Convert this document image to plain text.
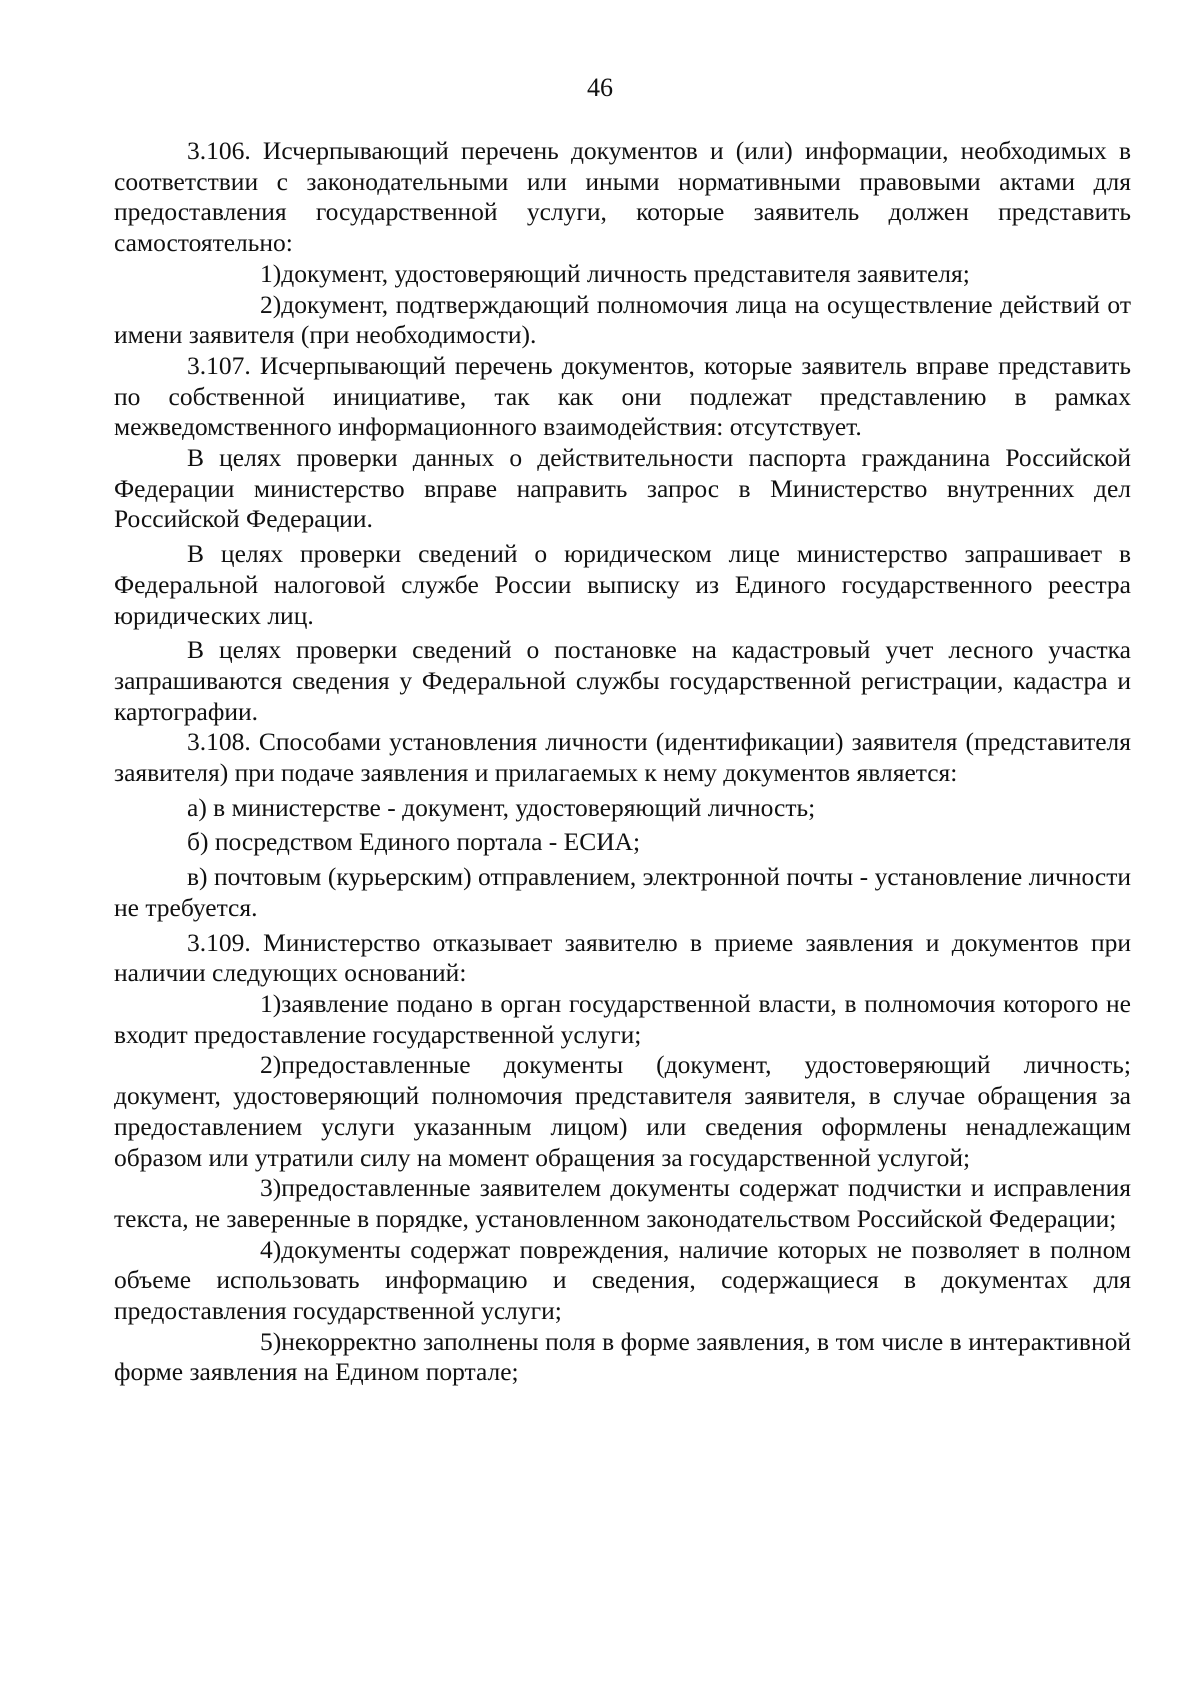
46

3.106. Исчерпывающий перечень документов и (или) информации, необходимых в соответствии с законодательными или иными нормативными правовыми актами для предоставления государственной услуги, которые заявитель должен представить самостоятельно:

1)документ, удостоверяющий личность представителя заявителя;

2)документ, подтверждающий полномочия лица на осуществление действий от имени заявителя (при необходимости).

3.107. Исчерпывающий перечень документов, которые заявитель вправе представить по собственной инициативе, так как они подлежат представлению в рамках межведомственного информационного взаимодействия: отсутствует.

В целях проверки данных о действительности паспорта гражданина Российской Федерации министерство вправе направить запрос в Министерство внутренних дел Российской Федерации.

В целях проверки сведений о юридическом лице министерство запрашивает в Федеральной налоговой службе России выписку из Единого государственного реестра юридических лиц.

В целях проверки сведений о постановке на кадастровый учет лесного участка запрашиваются сведения у Федеральной службы государственной регистрации, кадастра и картографии.

3.108. Способами установления личности (идентификации) заявителя (представителя заявителя) при подаче заявления и прилагаемых к нему документов является:

а) в министерстве - документ, удостоверяющий личность;

б) посредством Единого портала - ЕСИА;

в) почтовым (курьерским) отправлением, электронной почты - установление личности не требуется.

3.109. Министерство отказывает заявителю в приеме заявления и документов при наличии следующих оснований:

1)заявление подано в орган государственной власти, в полномочия которого не входит предоставление государственной услуги;

2)предоставленные документы (документ, удостоверяющий личность; документ, удостоверяющий полномочия представителя заявителя, в случае обращения за предоставлением услуги указанным лицом) или сведения оформлены ненадлежащим образом или утратили силу на момент обращения за государственной услугой;

3)предоставленные заявителем документы содержат подчистки и исправления текста, не заверенные в порядке, установленном законодательством Российской Федерации;

4)документы содержат повреждения, наличие которых не позволяет в полном объеме использовать информацию и сведения, содержащиеся в документах для предоставления государственной услуги;

5)некорректно заполнены поля в форме заявления, в том числе в интерактивной форме заявления на Едином портале;
